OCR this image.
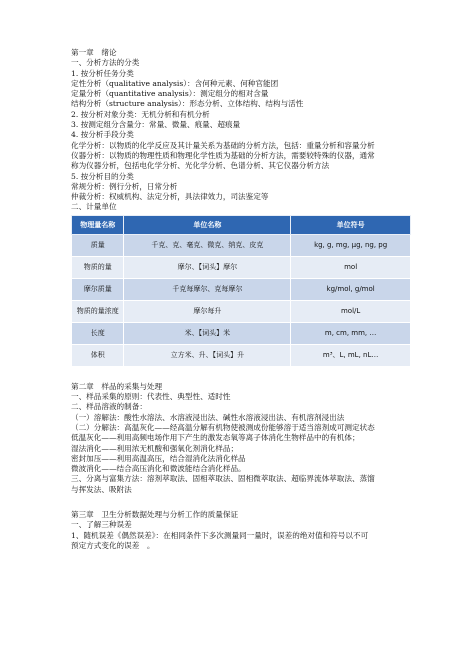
第一章　绪论
一、分析方法的分类
1. 按分析任务分类
定性分析（qualitative analysis）：含何种元素、何种官能团
定量分析（quantitative analysis）：测定组分的相对含量
结构分析（structure analysis）：形态分析、立体结构、结构与活性
2. 按分析对象分类：无机分析和有机分析
3. 按测定组分含量分：常量、微量、痕量、超痕量
4. 按分析手段分类
化学分析：以物质的化学反应及其计量关系为基础的分析方法，包括：重量分析和容量分析
仪器分析：以物质的物理性质和物理化学性质为基础的分析方法，需要较特殊的仪器，通常
称为仪器分析，包括电化学分析、光化学分析、色谱分析、其它仪器分析方法
5. 按分析目的分类
常规分析：例行分析，日常分析
仲裁分析：权威机构、法定分析，具法律效力，司法鉴定等
二、计量单位
物理量名称	单位名称	单位符号
质量	千克、克、毫克、微克、纳克、皮克	kg, g, mg, μg, ng, pg
物质的量	摩尔、【词头】摩尔	mol
摩尔质量	千克每摩尔、克每摩尔	kg/mol, g/mol
物质的量浓度	摩尔每升	mol/L
长度	米、【词头】米	m, cm, mm, …
体积	立方米、升、【词头】升	m³、L, mL, nL…
第二章　样品的采集与处理
一、样品采集的原则：代表性、典型性、适时性
二、样品溶液的制备：
（一）溶解法：酸性水溶法、水溶液浸出法、碱性水溶液浸出法、有机溶剂浸出法
（二）分解法：高温灰化——经高温分解有机物使被测成份能够溶于适当溶剂成可测定状态
低温灰化——利用高频电场作用下产生的激发态氧等离子体消化生物样品中的有机体；
湿法消化——利用浓无机酸和强氧化剂消化样品；
密封加压——利用高温高压，结合湿消化法消化样品
微波消化——结合高压消化和微波能结合消化样品。
三、分离与富集方法：溶剂萃取法、固相萃取法、固相微萃取法、超临界流体萃取法、蒸馏
与挥发法、吸附法
第三章　卫生分析数据处理与分析工作的质量保证
一、了解三种误差
1、随机误差《偶然误差》：在相同条件下多次测量同一量时，误差的绝对值和符号以不可
预定方式变化的误差　。
